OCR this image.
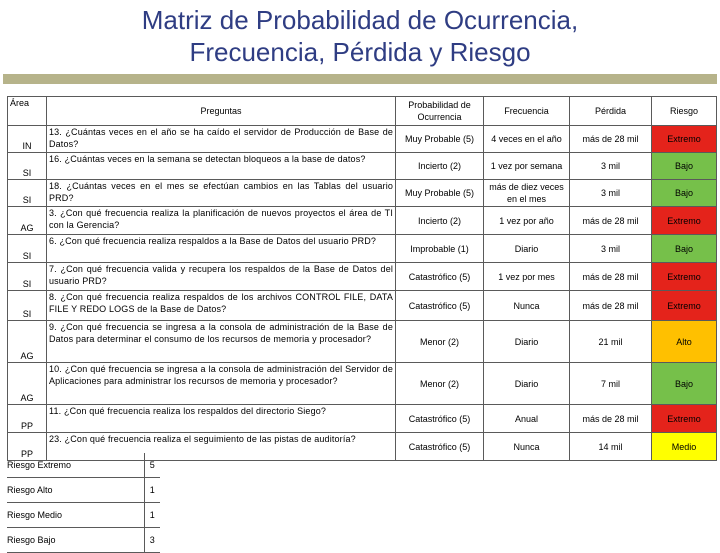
Matriz de Probabilidad de Ocurrencia,
Frecuencia, Pérdida y Riesgo
Área	Preguntas	Probabilidad de Ocurrencia	Frecuencia	Pérdida	Riesgo
IN	13. ¿Cuántas veces en el año se ha caído el servidor de Producción de Base de Datos?	Muy Probable (5)	4 veces en el año	más de 28 mil	Extremo
SI	16. ¿Cuántas veces en la semana se detectan bloqueos a la base de datos?	Incierto (2)	1 vez por semana	3 mil	Bajo
SI	18. ¿Cuántas veces en el mes se efectúan cambios en las Tablas del usuario PRD?	Muy Probable (5)	más de diez veces en el mes	3 mil	Bajo
AG	3. ¿Con qué frecuencia realiza la planificación de nuevos proyectos el área de TI con la Gerencia?	Incierto (2)	1 vez por año	más de 28 mil	Extremo
SI	6. ¿Con qué frecuencia realiza respaldos a la Base de Datos del usuario PRD?	Improbable (1)	Diario	3 mil	Bajo
SI	7. ¿Con qué frecuencia valida y recupera los respaldos de la Base de Datos del usuario PRD?	Catastrófico (5)	1 vez por mes	más de 28 mil	Extremo
SI	8. ¿Con qué frecuencia realiza respaldos de los archivos CONTROL FILE, DATA FILE Y REDO LOGS de la Base de Datos?	Catastrófico (5)	Nunca	más de 28 mil	Extremo
AG	9. ¿Con qué frecuencia se ingresa a la consola de administración de la Base de Datos para determinar el consumo de los recursos de memoria y procesador?	Menor (2)	Diario	21 mil	Alto
AG	10. ¿Con qué frecuencia se ingresa a la consola de administración del Servidor de Aplicaciones para administrar los recursos de memoria y procesador?	Menor (2)	Diario	7 mil	Bajo
PP	11. ¿Con qué frecuencia realiza los respaldos del directorio Siego?	Catastrófico (5)	Anual	más de 28 mil	Extremo
PP	23. ¿Con qué frecuencia realiza el seguimiento de las pistas de auditoría?	Catastrófico (5)	Nunca	14 mil	Medio
Riesgo Extremo	5
Riesgo Alto	1
Riesgo Medio	1
Riesgo Bajo	3
